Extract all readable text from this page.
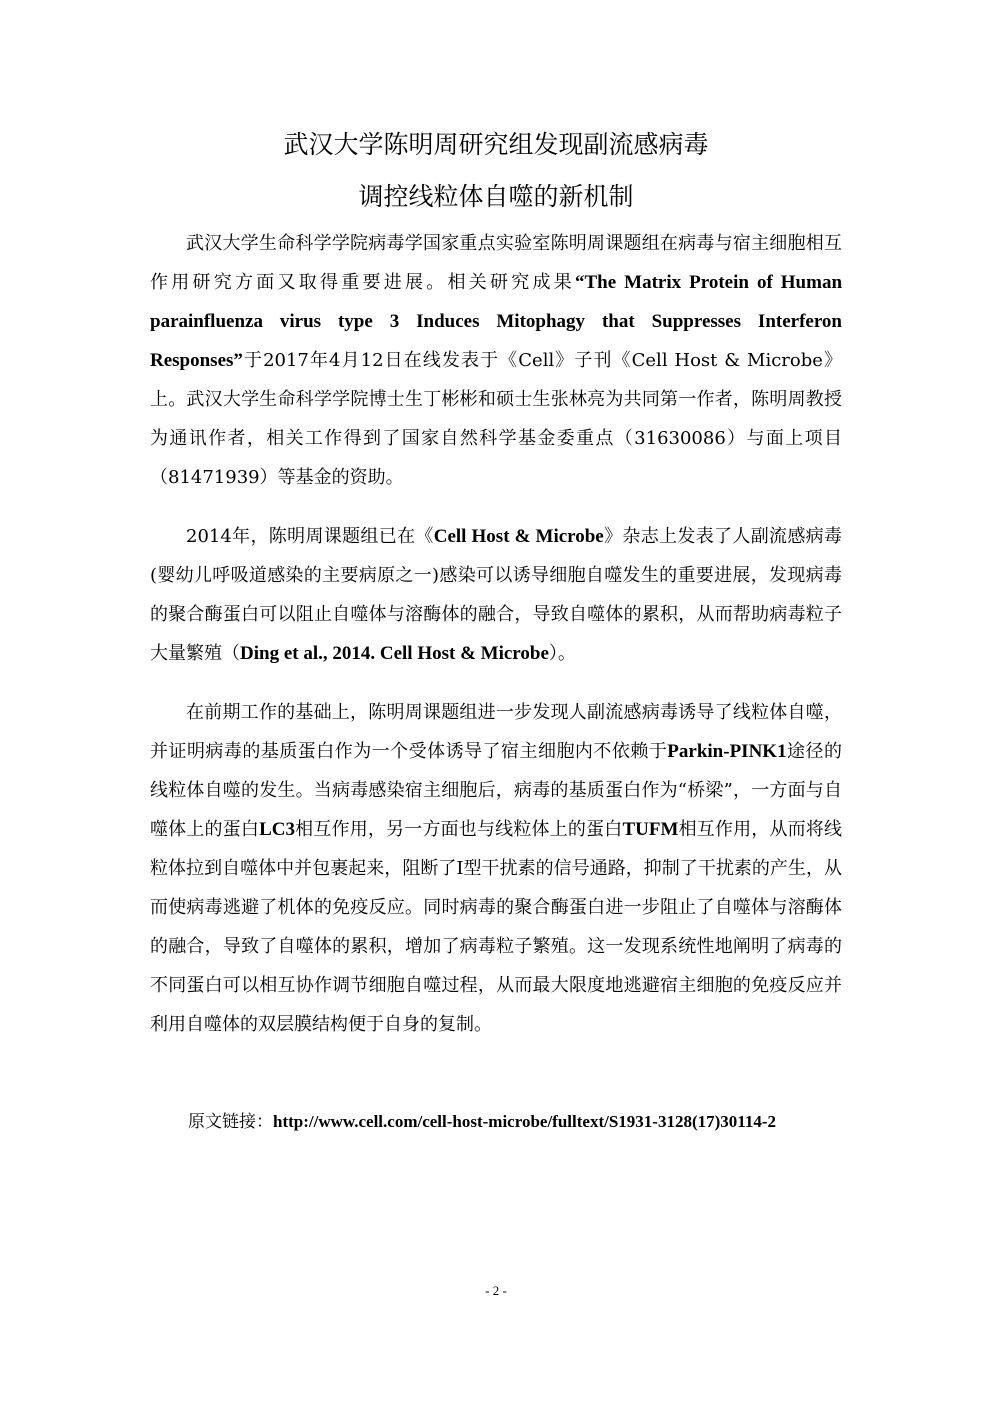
武汉大学陈明周研究组发现副流感病毒
调控线粒体自噬的新机制

武汉大学生命科学学院病毒学国家重点实验室陈明周课题组在病毒与宿主细胞相互作用研究方面又取得重要进展。相关研究成果“The Matrix Protein of Human parainfluenza virus type 3 Induces Mitophagy that Suppresses Interferon Responses”于2017年4月12日在线发表于《Cell》子刊《Cell Host & Microbe》上。武汉大学生命科学学院博士生丁彬彬和硕士生张林亮为共同第一作者，陈明周教授为通讯作者，相关工作得到了国家自然科学基金委重点（31630086）与面上项目（81471939）等基金的资助。

2014年，陈明周课题组已在《Cell Host & Microbe》杂志上发表了人副流感病毒(婴幼儿呼吸道感染的主要病原之一)感染可以诱导细胞自噬发生的重要进展，发现病毒的聚合酶蛋白可以阻止自噬体与溶酶体的融合，导致自噬体的累积，从而帮助病毒粒子大量繁殖（Ding et al., 2014. Cell Host & Microbe）。

在前期工作的基础上，陈明周课题组进一步发现人副流感病毒诱导了线粒体自噬，并证明病毒的基质蛋白作为一个受体诱导了宿主细胞内不依赖于Parkin-PINK1途径的线粒体自噬的发生。当病毒感染宿主细胞后，病毒的基质蛋白作为“桥梁”，一方面与自噬体上的蛋白LC3相互作用，另一方面也与线粒体上的蛋白TUFM相互作用，从而将线粒体拉到自噬体中并包裹起来，阻断了Ⅰ型干扰素的信号通路，抑制了干扰素的产生，从而使病毒逃避了机体的免疫反应。同时病毒的聚合酶蛋白进一步阻止了自噬体与溶酶体的融合，导致了自噬体的累积，增加了病毒粒子繁殖。这一发现系统性地阐明了病毒的不同蛋白可以相互协作调节细胞自噬过程，从而最大限度地逃避宿主细胞的免疫反应并利用自噬体的双层膜结构便于自身的复制。

原文链接：http://www.cell.com/cell-host-microbe/fulltext/S1931-3128(17)30114-2
- 2 -
